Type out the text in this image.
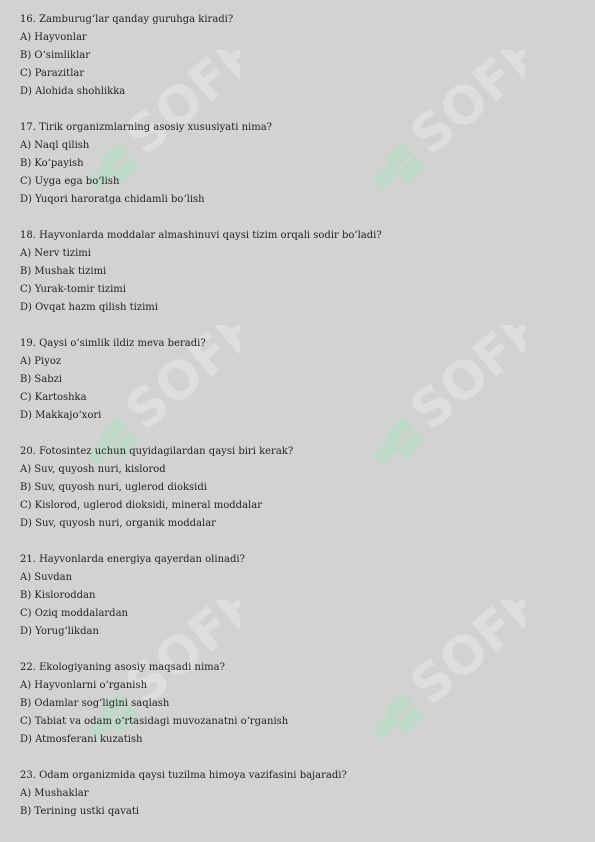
SOFF SOFF
SOFF SOFF
SOFF SOFF
16. Zamburug‘lar qanday guruhga kiradi?
A) Hayvonlar
B) O‘simliklar
C) Parazitlar
D) Alohida shohlikka
17. Tirik organizmlarning asosiy xususiyati nima?
A) Naql qilish
B) Ko‘payish
C) Uyga ega bo‘lish
D) Yuqori haroratga chidamli bo‘lish
18. Hayvonlarda moddalar almashinuvi qaysi tizim orqali sodir bo‘ladi?
A) Nerv tizimi
B) Mushak tizimi
C) Yurak-tomir tizimi
D) Ovqat hazm qilish tizimi
19. Qaysi o‘simlik ildiz meva beradi?
A) Piyoz
B) Sabzi
C) Kartoshka
D) Makkajo‘xori
20. Fotosintez uchun quyidagilardan qaysi biri kerak?
A) Suv, quyosh nuri, kislorod
B) Suv, quyosh nuri, uglerod dioksidi
C) Kislorod, uglerod dioksidi, mineral moddalar
D) Suv, quyosh nuri, organik moddalar
21. Hayvonlarda energiya qayerdan olinadi?
A) Suvdan
B) Kisloroddan
C) Oziq moddalardan
D) Yorug‘likdan
22. Ekologiyaning asosiy maqsadi nima?
A) Hayvonlarni o‘rganish
B) Odamlar sog‘ligini saqlash
C) Tabiat va odam o‘rtasidagi muvozanatni o‘rganish
D) Atmosferani kuzatish
23. Odam organizmida qaysi tuzilma himoya vazifasini bajaradi?
A) Mushaklar
B) Terining ustki qavati
